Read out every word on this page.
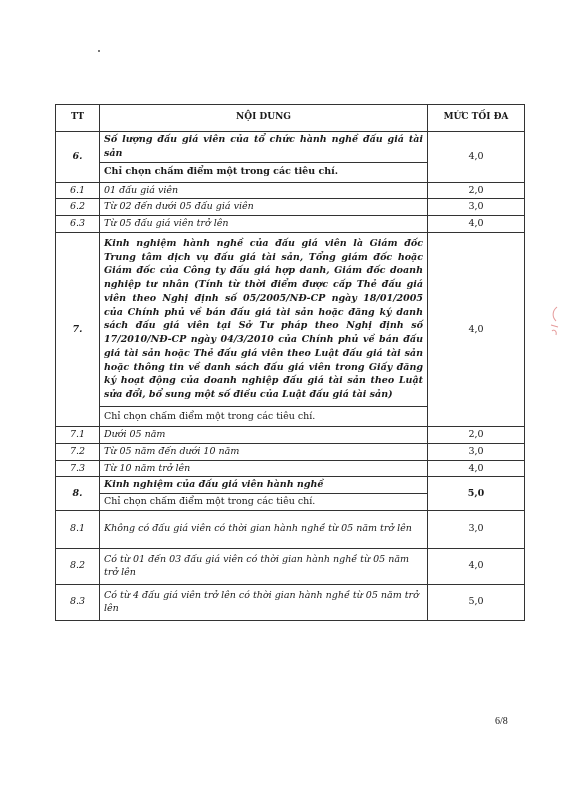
TT	NỘI DUNG	MỨC TỐI ĐA
6.	Số lượng đấu giá viên của tổ chức hành nghề đấu giá tài sản	4,0
	Chỉ chọn chấm điểm một trong các tiêu chí.	
6.1	01 đấu giá viên	2,0
6.2	Từ 02 đến dưới 05 đấu giá viên	3,0
6.3	Từ 05 đấu giá viên trở lên	4,0
7.	Kinh nghiệm hành nghề của đấu giá viên là Giám đốc Trung tâm dịch vụ đấu giá tài sản, Tổng giám đốc hoặc Giám đốc của Công ty đấu giá hợp danh, Giám đốc doanh nghiệp tư nhân (Tính từ thời điểm được cấp Thẻ đấu giá viên theo Nghị định số 05/2005/NĐ-CP ngày 18/01/2005 của Chính phủ về bán đấu giá tài sản hoặc đăng ký danh sách đấu giá viên tại Sở Tư pháp theo Nghị định số 17/2010/NĐ-CP ngày 04/3/2010 của Chính phủ về bán đấu giá tài sản hoặc Thẻ đấu giá viên theo Luật đấu giá tài sản hoặc thông tin về danh sách đấu giá viên trong Giấy đăng ký hoạt động của doanh nghiệp đấu giá tài sản theo Luật sửa đổi, bổ sung một số điều của Luật đấu giá tài sản)	4,0
	Chỉ chọn chấm điểm một trong các tiêu chí.	
7.1	Dưới 05 năm	2,0
7.2	Từ 05 năm đến dưới 10 năm	3,0
7.3	Từ 10 năm trở lên	4,0
8.	Kinh nghiệm của đấu giá viên hành nghề	5,0
	Chỉ chọn chấm điểm một trong các tiêu chí.	
8.1	Không có đấu giá viên có thời gian hành nghề từ 05 năm trở lên	3,0
8.2	Có từ 01 đến 03 đấu giá viên có thời gian hành nghề từ 05 năm trở lên	4,0
8.3	Có từ 4 đấu giá viên trở lên có thời gian hành nghề từ 05 năm trở lên	5,0
6/8
